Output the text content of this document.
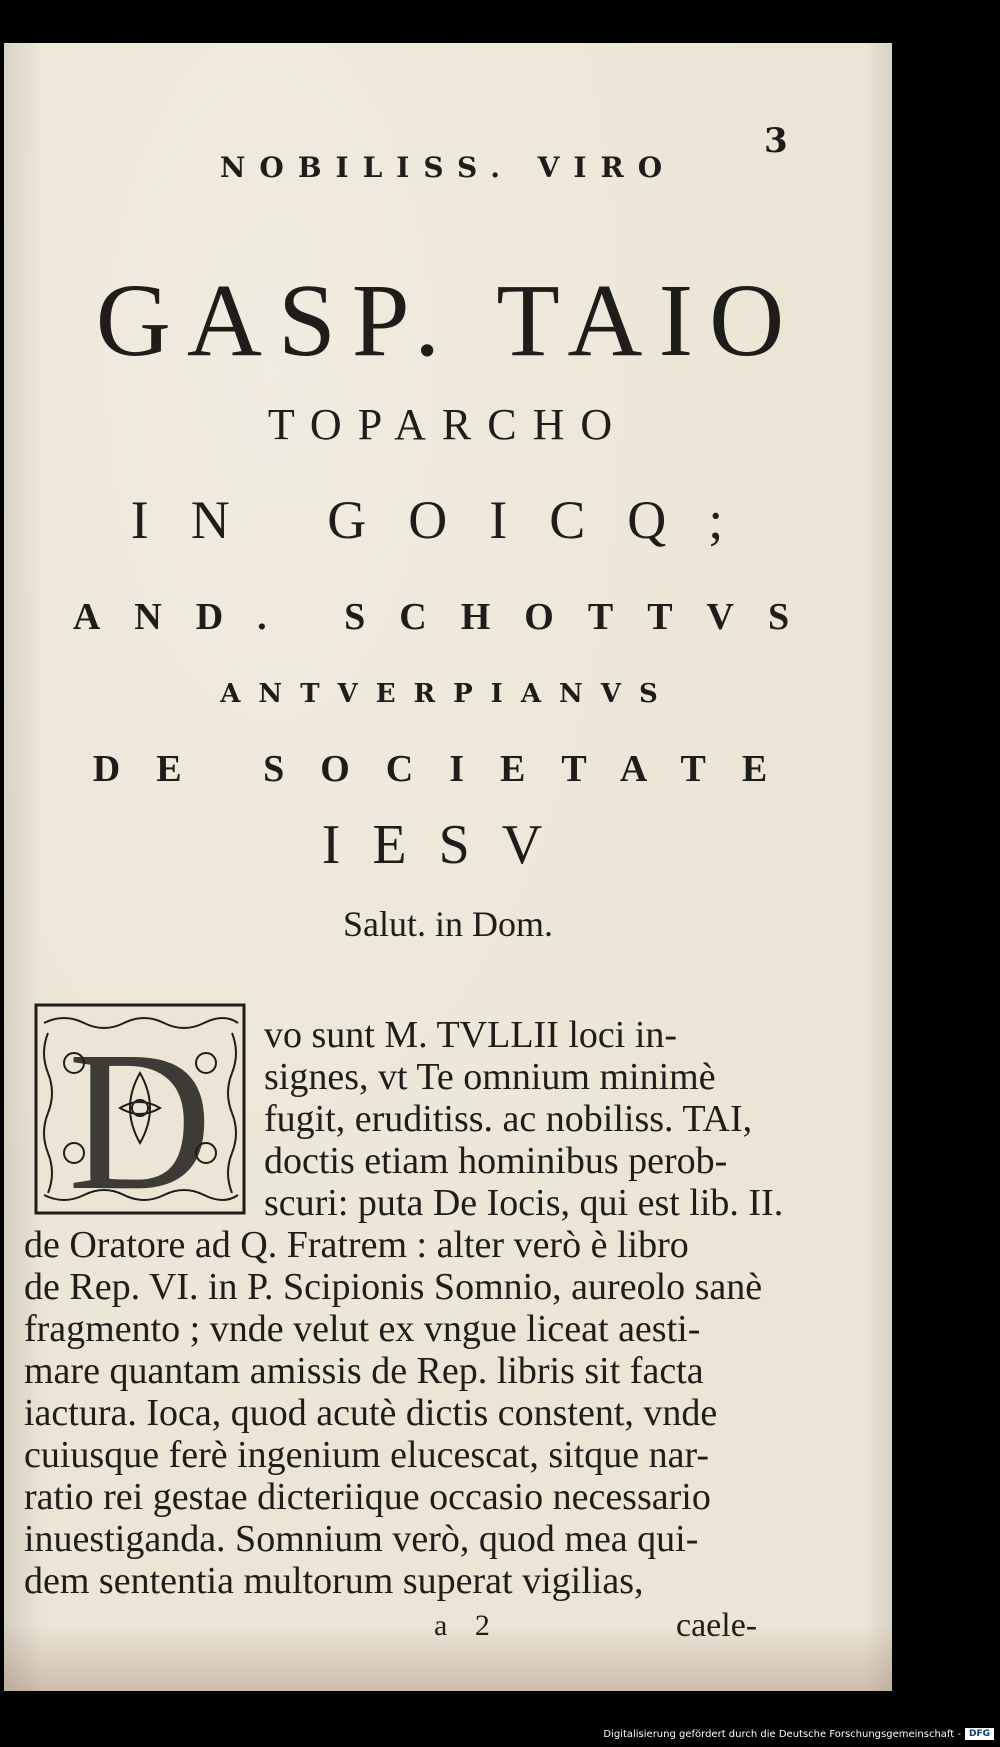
3
NOBILISS. VIRO
GASP. TAIO
TOPARCHO
IN GOICQ;
AND. SCHOTTVS
ANTVERPIANVS
DE SOCIETATE
IESV
Salut. in Dom.
D vo sunt M. TVLLII loci in-
signes, vt Te omnium minimè
fugit, eruditiss. ac nobiliss. TAI,
doctis etiam hominibus perob-
scuri: puta De Iocis, qui est lib. II.
de Oratore ad Q. Fratrem : alter verò è libro
de Rep. VI. in P. Scipionis Somnio, aureolo sanè
fragmento ; vnde velut ex vngue liceat aesti-
mare quantam amissis de Rep. libris sit facta
iactura. Ioca, quod acutè dictis constent, vnde
cuiusque ferè ingenium elucescat, sitque nar-
ratio rei gestae dicteriique occasio necessario
inuestiganda. Somnium verò, quod mea qui-
dem sententia multorum superat vigilias,
a 2	caele-
Digitalisierung gefördert durch die Deutsche Forschungsgemeinschaft - DFG
